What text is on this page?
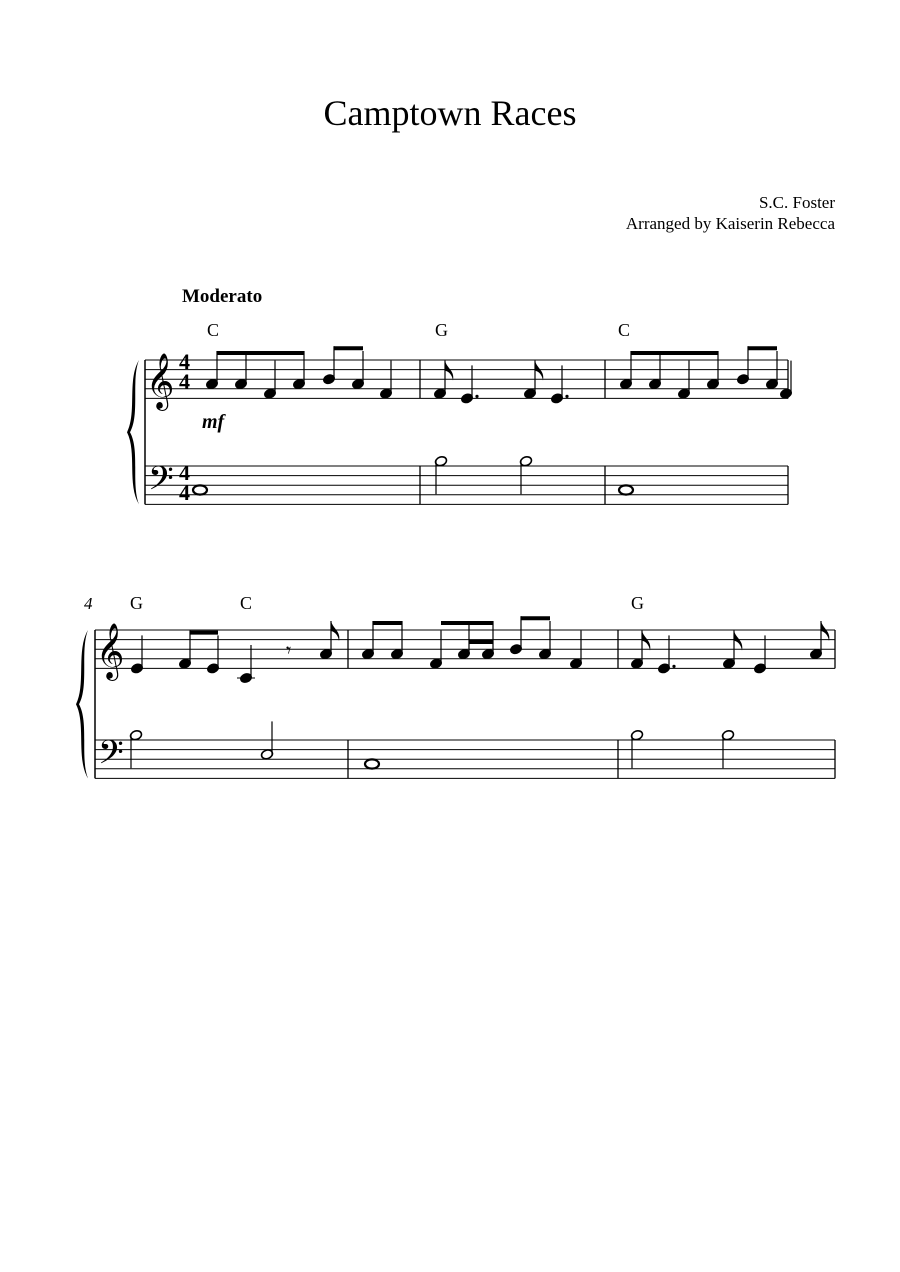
Camptown Races
S.C. Foster
Arranged by Kaiserin Rebecca
Moderato
mf
C	G	C
4 G	C	G
4
4
4
4
𝄞
𝄢
𝄞
𝄢
𝄾
